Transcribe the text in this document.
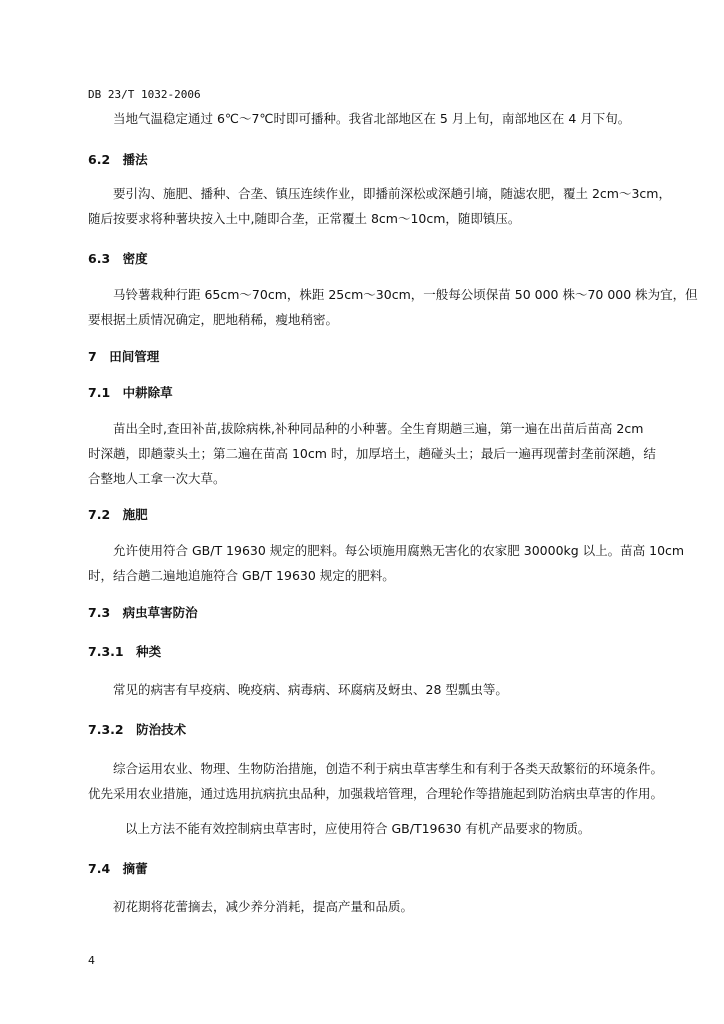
DB 23/T 1032-2006
当地气温稳定通过 6℃～7℃时即可播种。我省北部地区在 5 月上旬，南部地区在 4 月下旬。
6.2　播法
要引沟、施肥、播种、合垄、镇压连续作业，即播前深松或深趟引墒，随滤农肥，覆土 2cm～3cm，
随后按要求将种薯块按入土中,随即合垄，正常覆土 8cm～10cm，随即镇压。
6.3　密度
马铃薯栽种行距 65cm～70cm，株距 25cm～30cm，一般每公顷保苗 50 000 株～70 000 株为宜，但
要根据土质情况确定，肥地稍稀，瘦地稍密。
7　田间管理
7.1　中耕除草
苗出全时,查田补苗,拔除病株,补种同品种的小种薯。全生育期趟三遍，第一遍在出苗后苗高 2cm
时深趟，即趟蒙头土；第二遍在苗高 10cm 时，加厚培土，趟碰头土；最后一遍再现蕾封垄前深趟，结
合整地人工拿一次大草。
7.2　施肥
允许使用符合 GB/T 19630 规定的肥料。每公顷施用腐熟无害化的农家肥 30000kg 以上。苗高 10cm
时，结合趟二遍地追施符合 GB/T 19630 规定的肥料。
7.3　病虫草害防治
7.3.1　种类
常见的病害有早疫病、晚疫病、病毒病、环腐病及蚜虫、28 型瓢虫等。
7.3.2　防治技术
综合运用农业、物理、生物防治措施，创造不利于病虫草害孳生和有利于各类天敌繁衍的环境条件。
优先采用农业措施，通过选用抗病抗虫品种，加强栽培管理，合理轮作等措施起到防治病虫草害的作用。
以上方法不能有效控制病虫草害时，应使用符合 GB/T19630 有机产品要求的物质。
7.4　摘蕾
初花期将花蕾摘去，减少养分消耗，提高产量和品质。
4
